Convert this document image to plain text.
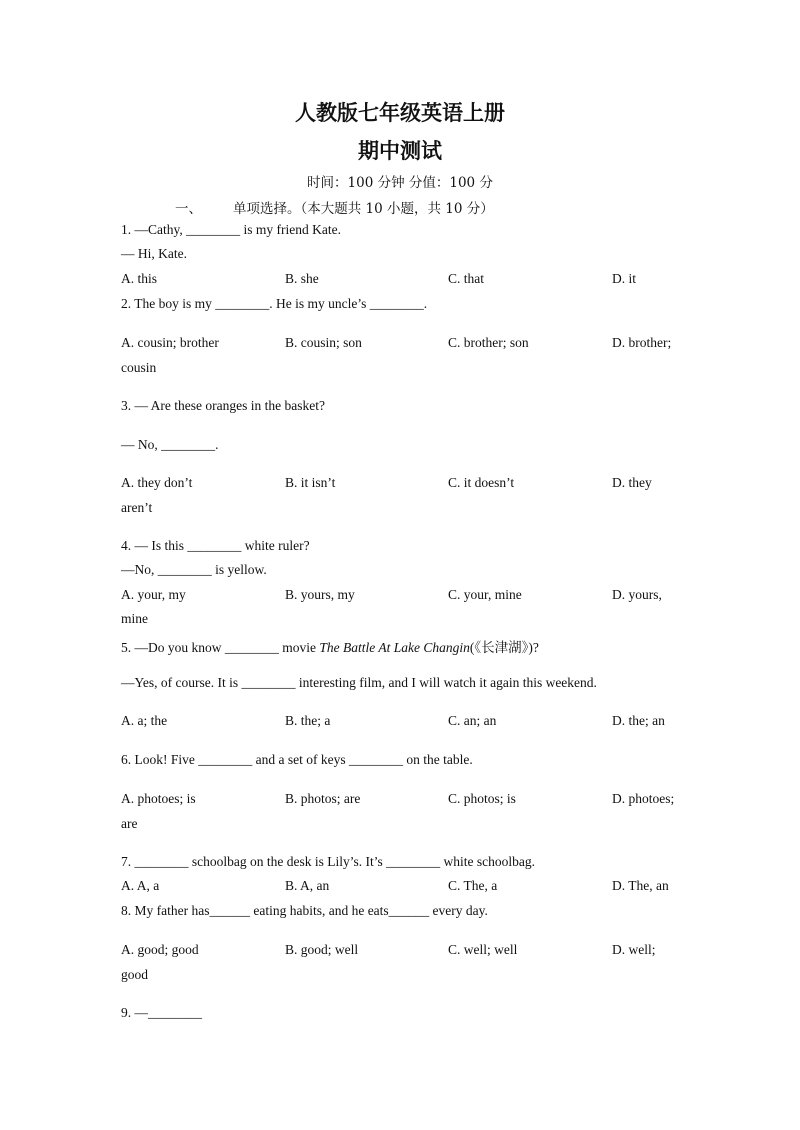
人教版七年级英语上册
期中测试
时间：100 分钟 分值：100 分
一、 单项选择。（本大题共 10 小题，共 10 分）
1. —Cathy, ________ is my friend Kate.
— Hi, Kate.
A. this	B. she	C. that	D. it
2. The boy is my ________. He is my uncle’s ________.
A. cousin; brother	B. cousin; son	C. brother; son	D. brother;
cousin
3. — Are these oranges in the basket?
— No, ________.
A. they don’t	B. it isn’t	C. it doesn’t	D. they
aren’t
4. — Is this ________ white ruler?
—No, ________ is yellow.
A. your, my	B. yours, my	C. your, mine	D. yours,
mine
5. —Do you know ________ movie The Battle At Lake Changin(《长津湖》)?
—Yes, of course. It is ________ interesting film, and I will watch it again this weekend.
A. a; the	B. the; a	C. an; an	D. the; an
6. Look! Five ________ and a set of keys ________ on the table.
A. photoes; is	B. photos; are	C. photos; is	D. photoes;
are
7. ________ schoolbag on the desk is Lily’s. It’s ________ white schoolbag.
A. A, a	B. A, an	C. The, a	D. The, an
8. My father has______ eating habits, and he eats______ every day.
A. good; good	B. good; well	C. well; well	D. well;
good
9. —________
